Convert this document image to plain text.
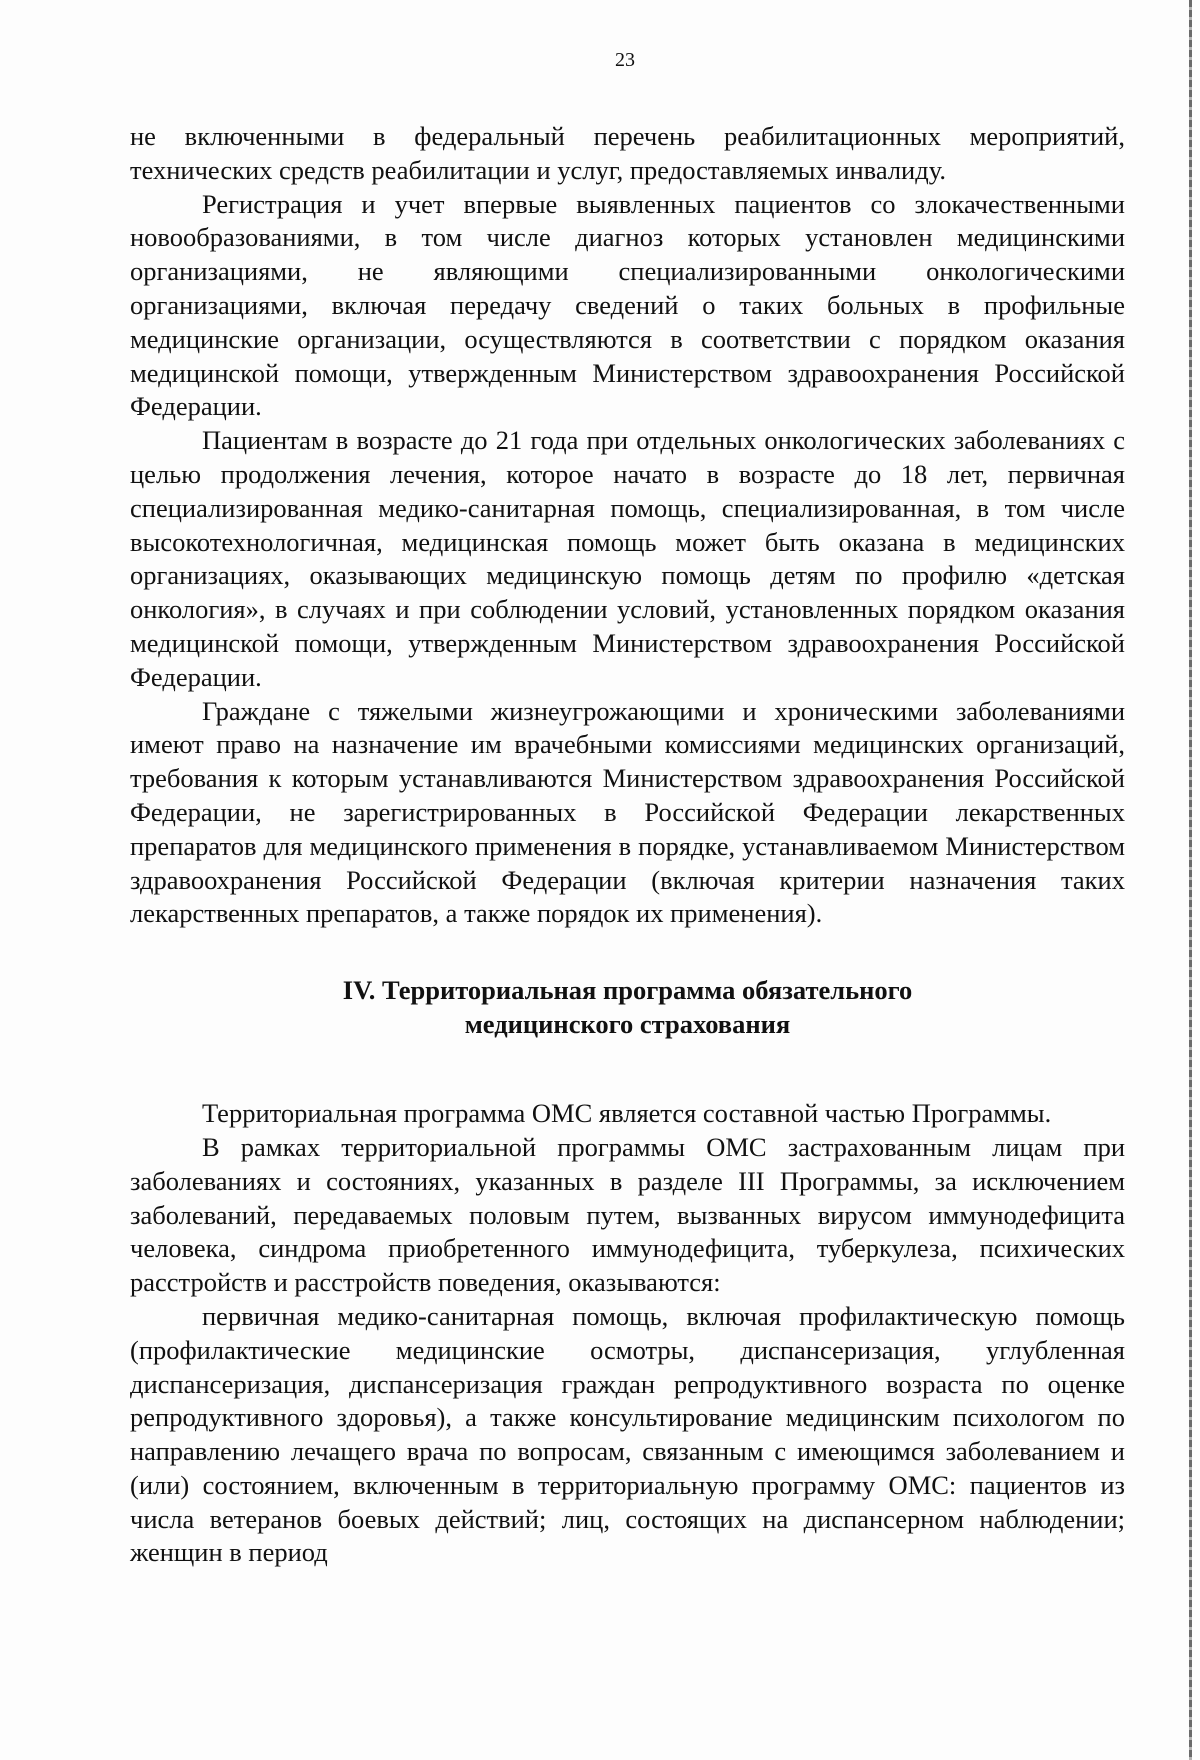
23

не включенными в федеральный перечень реабилитационных мероприятий, технических средств реабилитации и услуг, предоставляемых инвалиду.

Регистрация и учет впервые выявленных пациентов со злокачественными новообразованиями, в том числе диагноз которых установлен медицинскими организациями, не являющими специализированными онкологическими организациями, включая передачу сведений о таких больных в профильные медицинские организации, осуществляются в соответствии с порядком оказания медицинской помощи, утвержденным Министерством здравоохранения Российской Федерации.

Пациентам в возрасте до 21 года при отдельных онкологических заболеваниях с целью продолжения лечения, которое начато в возрасте до 18 лет, первичная специализированная медико-санитарная помощь, специализированная, в том числе высокотехнологичная, медицинская помощь может быть оказана в медицинских организациях, оказывающих медицинскую помощь детям по профилю «детская онкология», в случаях и при соблюдении условий, установленных порядком оказания медицинской помощи, утвержденным Министерством здравоохранения Российской Федерации.

Граждане с тяжелыми жизнеугрожающими и хроническими заболеваниями имеют право на назначение им врачебными комиссиями медицинских организаций, требования к которым устанавливаются Министерством здравоохранения Российской Федерации, не зарегистрированных в Российской Федерации лекарственных препаратов для медицинского применения в порядке, устанавливаемом Министерством здравоохранения Российской Федерации (включая критерии назначения таких лекарственных препаратов, а также порядок их применения).

IV. Территориальная программа обязательного
медицинского страхования

Территориальная программа ОМС является составной частью Программы.

В рамках территориальной программы ОМС застрахованным лицам при заболеваниях и состояниях, указанных в разделе III Программы, за исключением заболеваний, передаваемых половым путем, вызванных вирусом иммунодефицита человека, синдрома приобретенного иммунодефицита, туберкулеза, психических расстройств и расстройств поведения, оказываются:

первичная медико-санитарная помощь, включая профилактическую помощь (профилактические медицинские осмотры, диспансеризация, углубленная диспансеризация, диспансеризация граждан репродуктивного возраста по оценке репродуктивного здоровья), а также консультирование медицинским психологом по направлению лечащего врача по вопросам, связанным с имеющимся заболеванием и (или) состоянием, включенным в территориальную программу ОМС: пациентов из числа ветеранов боевых действий; лиц, состоящих на диспансерном наблюдении; женщин в период
